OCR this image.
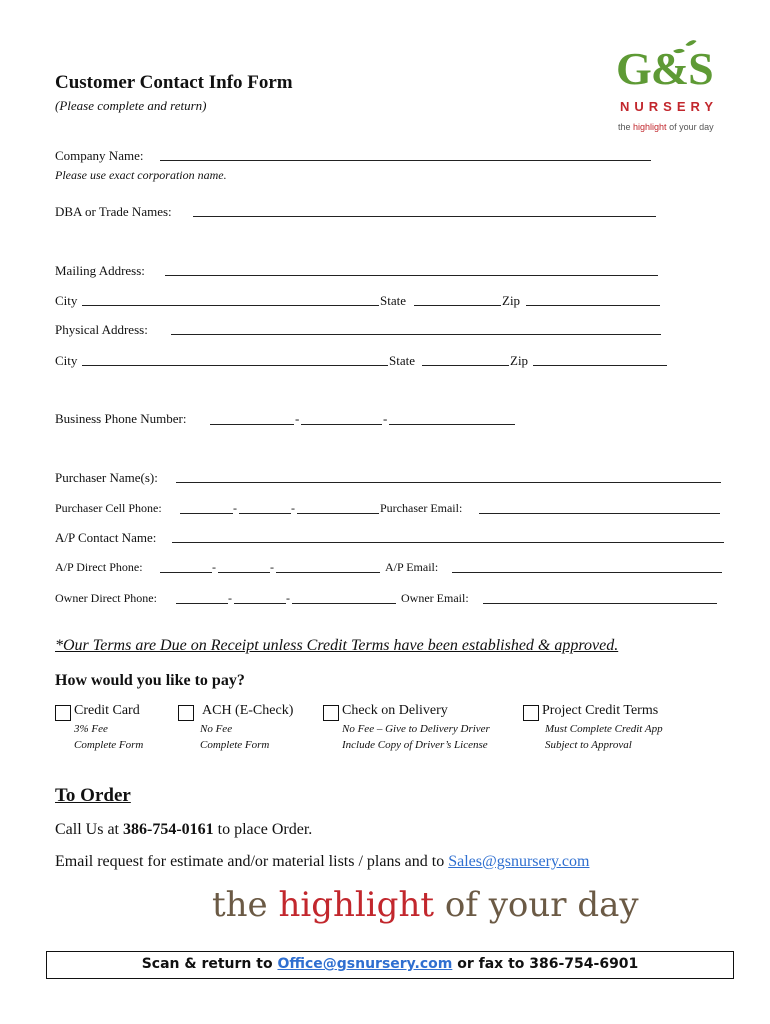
Customer Contact Info Form
(Please complete and return)
G&S
NURSERY
the highlight of your day
Company Name:
Please use exact corporation name.
DBA or Trade Names:
Mailing Address:
City	State	Zip
Physical Address:
City	State	Zip
Business Phone Number:	-	-
Purchaser Name(s):
Purchaser Cell Phone:	-	-	Purchaser Email:
A/P Contact Name:
A/P Direct Phone:	-	-	A/P Email:
Owner Direct Phone:	-	-	Owner Email:
*Our Terms are Due on Receipt unless Credit Terms have been established & approved.
How would you like to pay?
Credit Card
3% Fee
Complete Form
ACH (E-Check)
No Fee
Complete Form
Check on Delivery
No Fee – Give to Delivery Driver
Include Copy of Driver’s License
Project Credit Terms
Must Complete Credit App
Subject to Approval
To Order
Call Us at 386-754-0161 to place Order.
Email request for estimate and/or material lists / plans and to Sales@gsnursery.com
the highlight of your day
Scan & return to Office@gsnursery.com or fax to 386-754-6901
